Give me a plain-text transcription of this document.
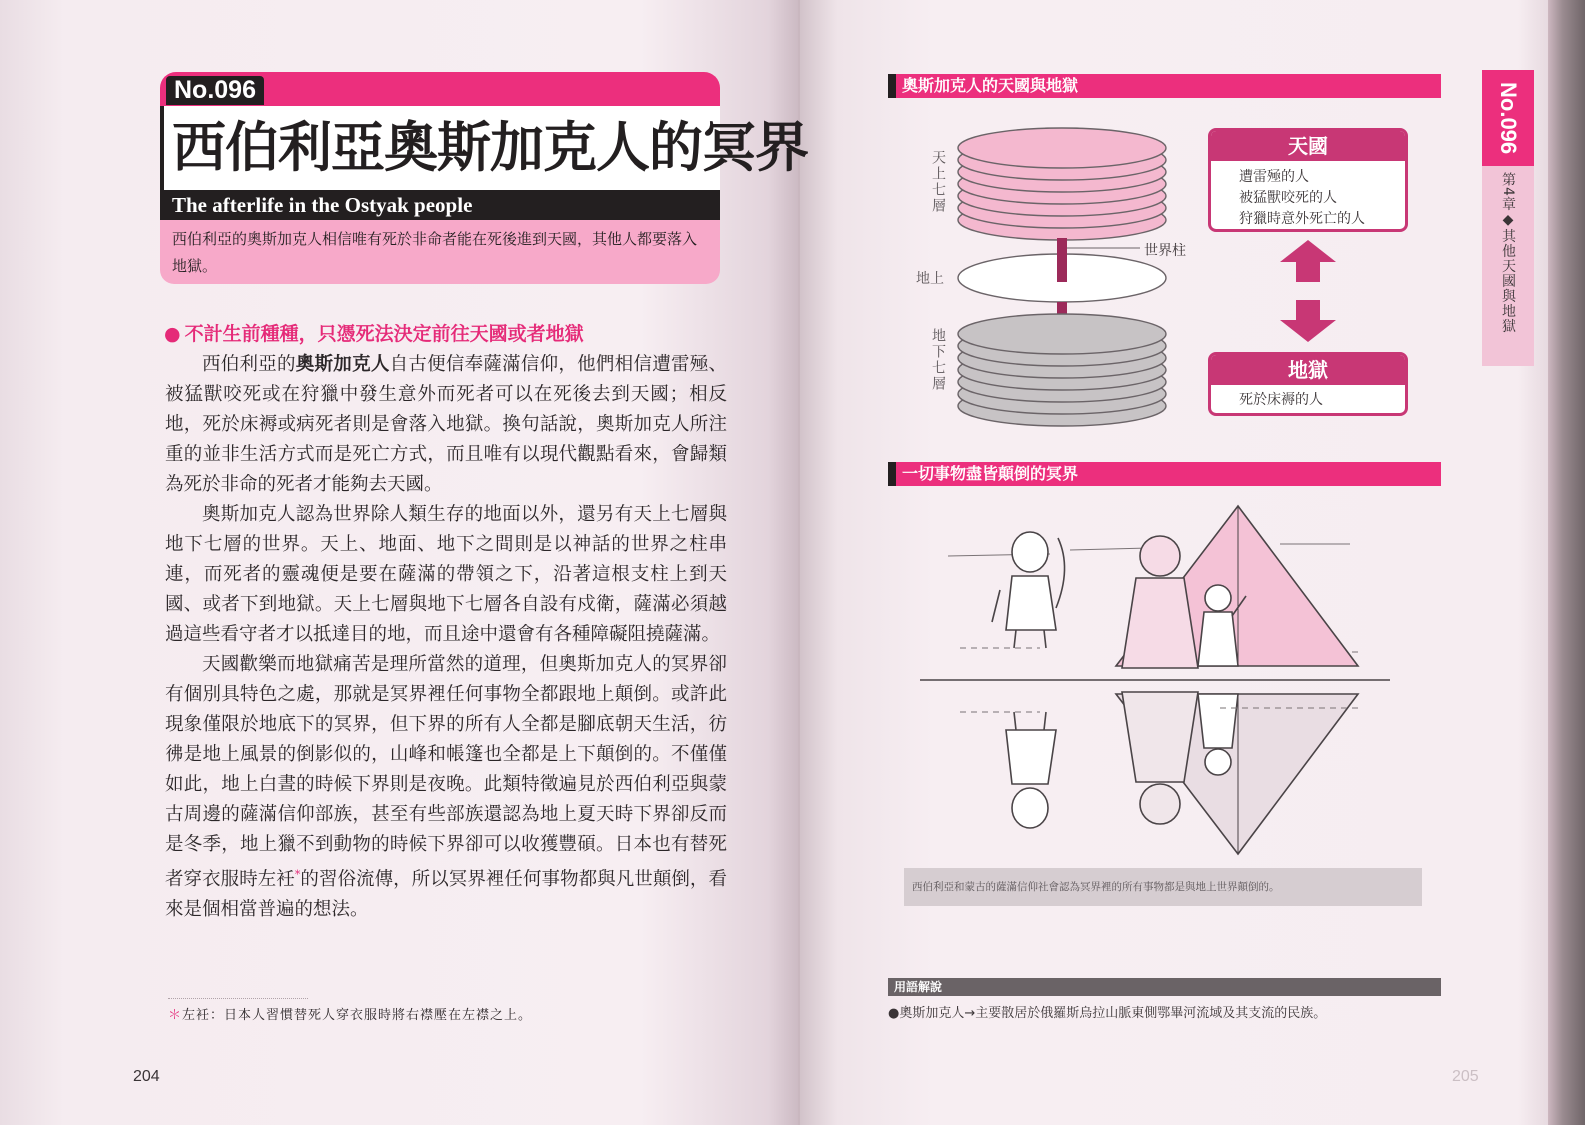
No.096
西伯利亞奧斯加克人的冥界
The afterlife in the Ostyak people
西伯利亞的奧斯加克人相信唯有死於非命者能在死後進到天國，其他人都要落入地獄。
● 不計生前種種，只憑死法決定前往天國或者地獄

西伯利亞的奧斯加克人自古便信奉薩滿信仰，他們相信遭雷殛、被猛獸咬死或在狩獵中發生意外而死者可以在死後去到天國；相反地，死於床褥或病死者則是會落入地獄。換句話說，奧斯加克人所注重的並非生活方式而是死亡方式，而且唯有以現代觀點看來，會歸類為死於非命的死者才能夠去天國。

奧斯加克人認為世界除人類生存的地面以外，還另有天上七層與地下七層的世界。天上、地面、地下之間則是以神話的世界之柱串連，而死者的靈魂便是要在薩滿的帶領之下，沿著這根支柱上到天國、或者下到地獄。天上七層與地下七層各自設有戍衛，薩滿必須越過這些看守者才以抵達目的地，而且途中還會有各種障礙阻撓薩滿。

天國歡樂而地獄痛苦是理所當然的道理，但奧斯加克人的冥界卻有個別具特色之處，那就是冥界裡任何事物全都跟地上顛倒。或許此現象僅限於地底下的冥界，但下界的所有人全都是腳底朝天生活，彷彿是地上風景的倒影似的，山峰和帳篷也全都是上下顛倒的。不僅僅如此，地上白晝的時候下界則是夜晚。此類特徵遍見於西伯利亞與蒙古周邊的薩滿信仰部族，甚至有些部族還認為地上夏天時下界卻反而是冬季，地上獵不到動物的時候下界卻可以收獲豐碩。日本也有替死者穿衣服時左衽*的習俗流傳，所以冥界裡任何事物都與凡世顛倒，看來是個相當普遍的想法。

＊左衽：日本人習慣替死人穿衣服時將右襟壓在左襟之上。
204
奧斯加克人的天國與地獄
天上七層
地上
地下七層
世界柱
天國
遭雷殛的人
被猛獸咬死的人
狩獵時意外死亡的人
地獄
死於床褥的人
一切事物盡皆顛倒的冥界
西伯利亞和蒙古的薩滿信仰社會認為冥界裡的所有事物都是與地上世界顛倒的。
用語解說
●奧斯加克人→主要散居於俄羅斯烏拉山脈東側鄂畢河流域及其支流的民族。
205
No.096
第4章◆其他天國與地獄
